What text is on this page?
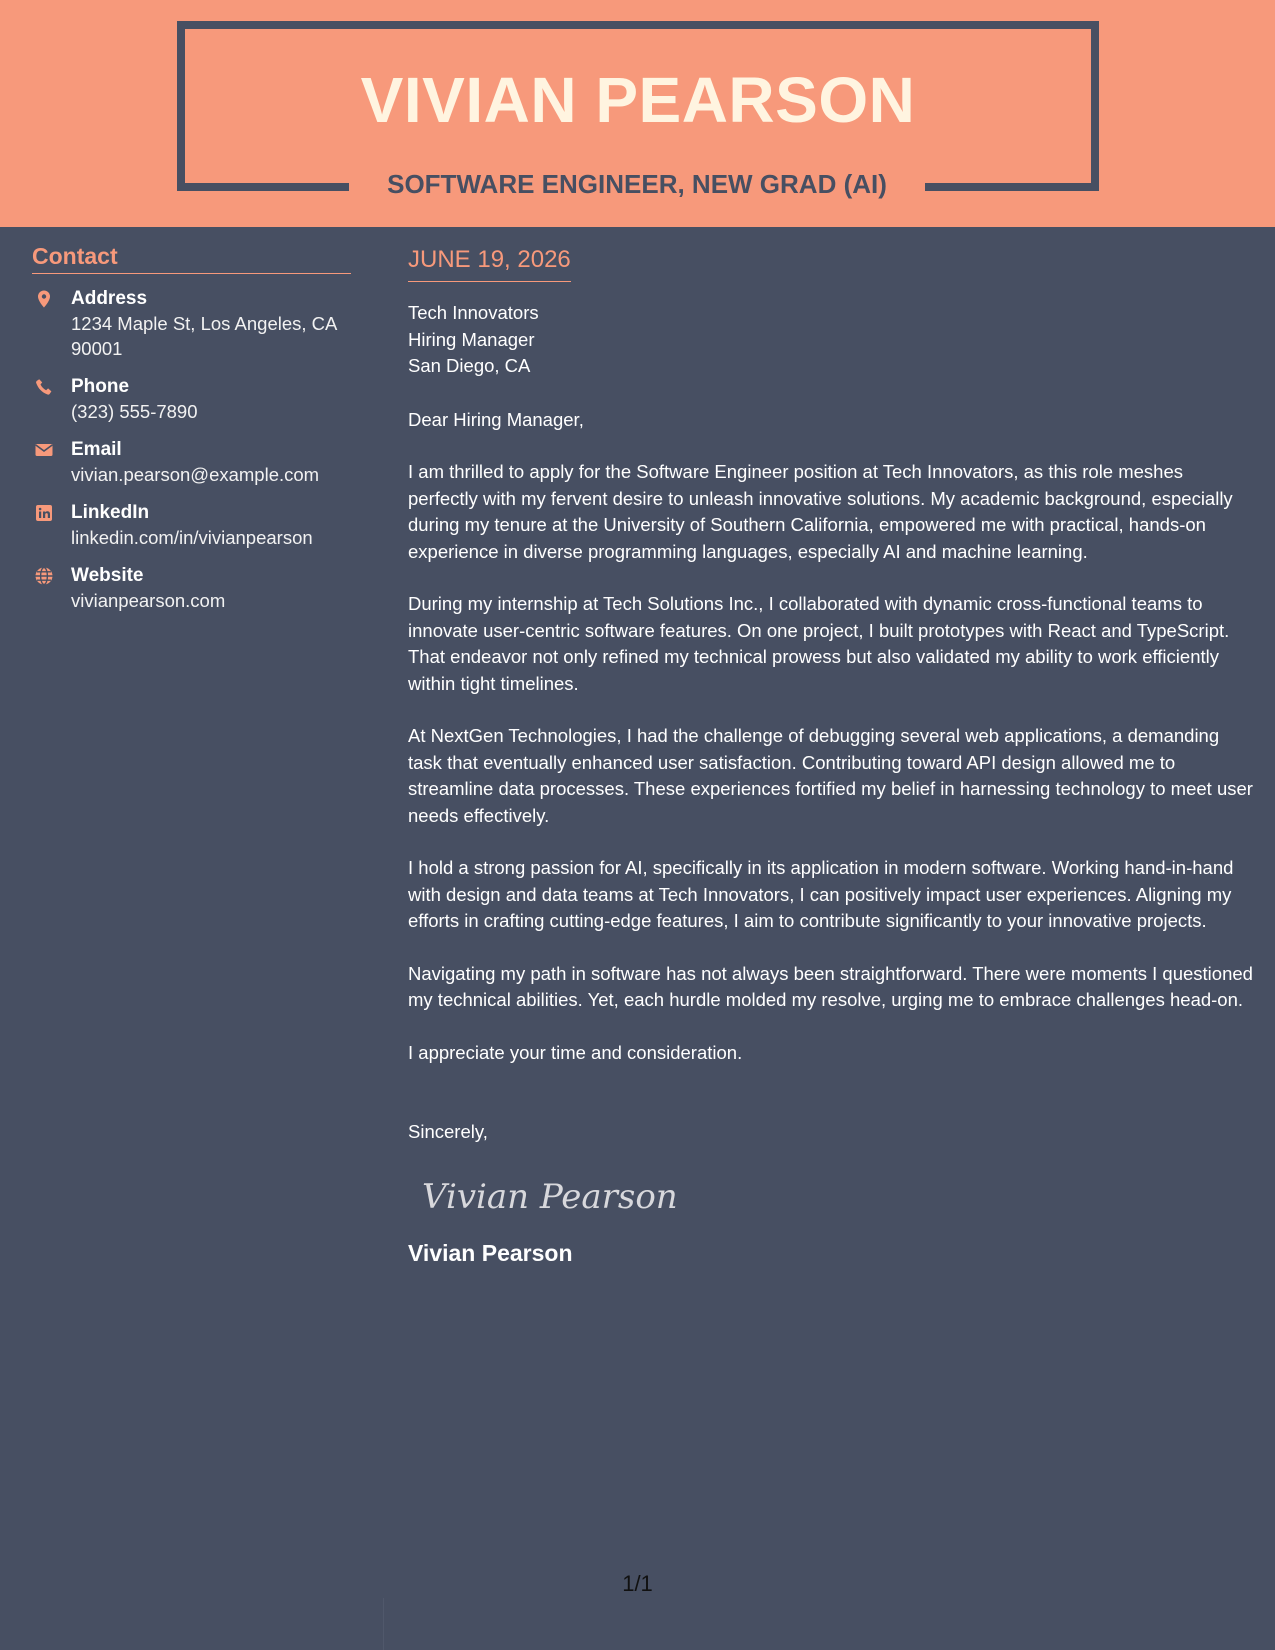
VIVIAN PEARSON
SOFTWARE ENGINEER, NEW GRAD (AI)
Contact
Address
1234 Maple St, Los Angeles, CA 90001
Phone
(323) 555-7890
Email
vivian.pearson@example.com
LinkedIn
linkedin.com/in/vivianpearson
Website
vivianpearson.com
JUNE 19, 2026
Tech Innovators
Hiring Manager
San Diego, CA
Dear Hiring Manager,

I am thrilled to apply for the Software Engineer position at Tech Innovators, as this role meshes perfectly with my fervent desire to unleash innovative solutions. My academic background, especially during my tenure at the University of Southern California, empowered me with practical, hands-on experience in diverse programming languages, especially AI and machine learning.

During my internship at Tech Solutions Inc., I collaborated with dynamic cross-functional teams to innovate user-centric software features. On one project, I built prototypes with React and TypeScript. That endeavor not only refined my technical prowess but also validated my ability to work efficiently within tight timelines.

At NextGen Technologies, I had the challenge of debugging several web applications, a demanding task that eventually enhanced user satisfaction. Contributing toward API design allowed me to streamline data processes. These experiences fortified my belief in harnessing technology to meet user needs effectively.

I hold a strong passion for AI, specifically in its application in modern software. Working hand-in-hand with design and data teams at Tech Innovators, I can positively impact user experiences. Aligning my efforts in crafting cutting-edge features, I aim to contribute significantly to your innovative projects.

Navigating my path in software has not always been straightforward. There were moments I questioned my technical abilities. Yet, each hurdle molded my resolve, urging me to embrace challenges head-on.

I appreciate your time and consideration.

Sincerely,
Vivian Pearson
Vivian Pearson
1/1
